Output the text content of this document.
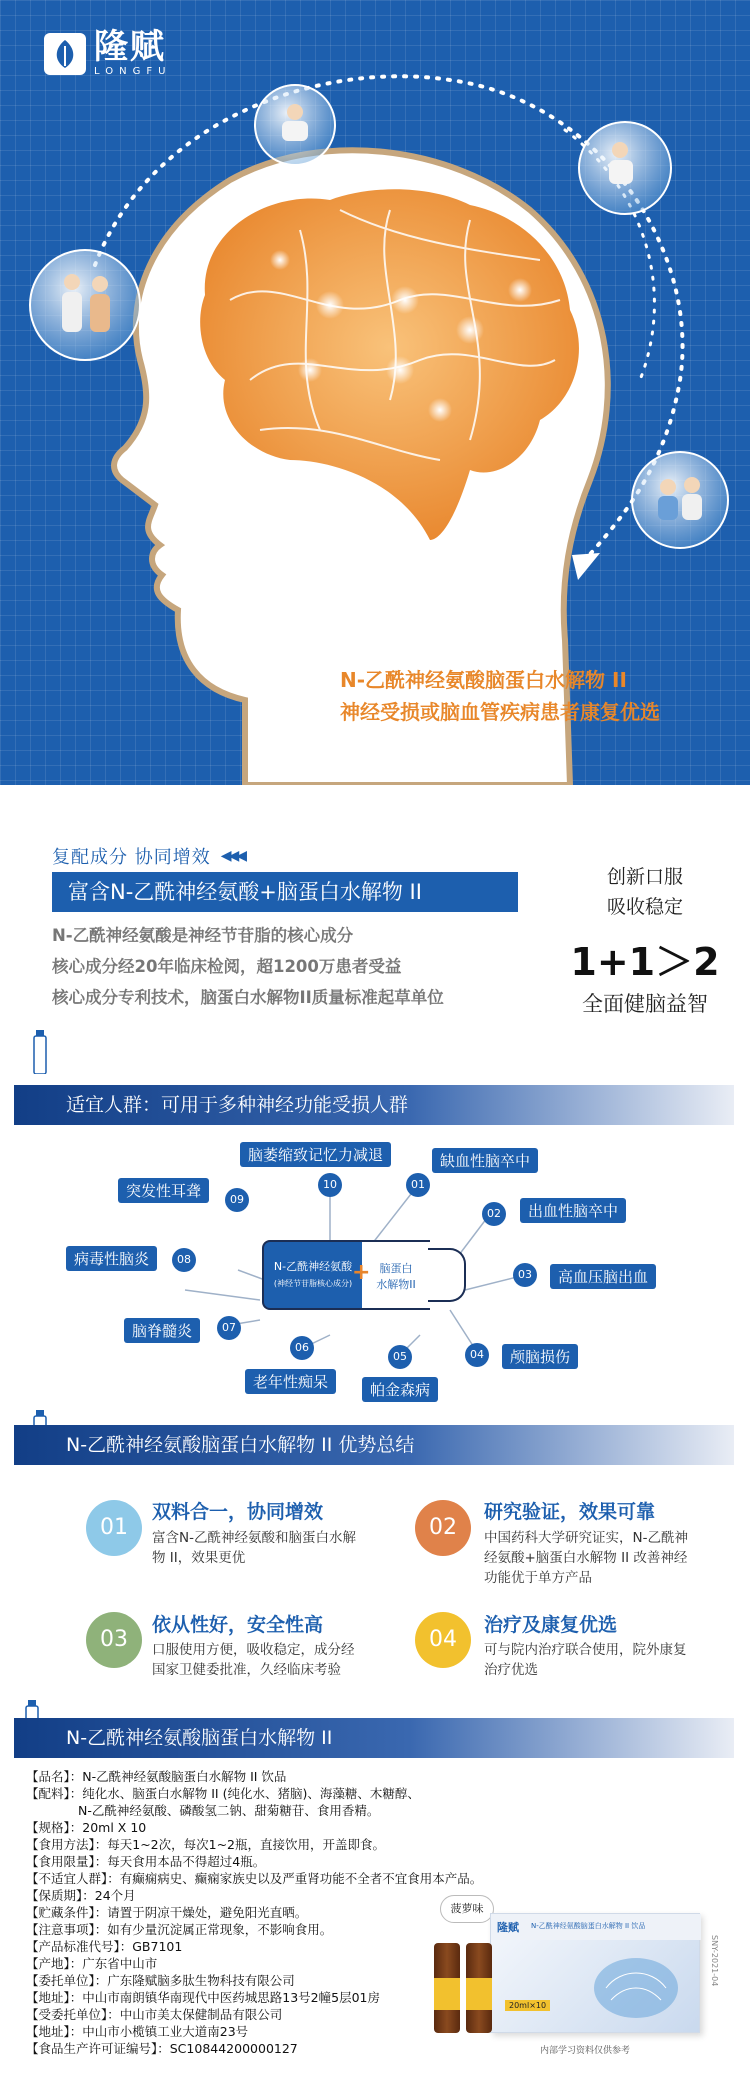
隆赋
LONGFU
N-乙酰神经氨酸脑蛋白水解物 II
神经受损或脑血管疾病患者康复优选
复配成分 协同增效 ◀◀◀
富含N-乙酰神经氨酸+脑蛋白水解物 II
N-乙酰神经氨酸是神经节苷脂的核心成分
核心成分经20年临床检阅，超1200万患者受益
核心成分专利技术，脑蛋白水解物II质量标准起草单位
创新口服
吸收稳定
1+1＞2
全面健脑益智
适宜人群：可用于多种神经功能受损人群
N-乙酰神经氨酸
(神经节苷脂核心成分)
脑蛋白
水解物II
+
10
脑萎缩致记忆力减退
01
缺血性脑卒中
02	出血性脑卒中
03	高血压脑出血
04	颅脑损伤
05
帕金森病
06
老年性痴呆
07
脑脊髓炎
08
病毒性脑炎
09
突发性耳聋
N-乙酰神经氨酸脑蛋白水解物 II 优势总结
01
双料合一，协同增效
富含N-乙酰神经氨酸和脑蛋白水解物 II，效果更优
02
研究验证，效果可靠
中国药科大学研究证实，N-乙酰神经氨酸+脑蛋白水解物 II 改善神经功能优于单方产品
03
依从性好，安全性高
口服使用方便，吸收稳定，成分经国家卫健委批准，久经临床考验
04
治疗及康复优选
可与院内治疗联合使用，院外康复治疗优选
N-乙酰神经氨酸脑蛋白水解物 II
【品名】：N-乙酰神经氨酸脑蛋白水解物 II 饮品
【配料】：纯化水、脑蛋白水解物 II (纯化水、猪脑)、海藻糖、木糖醇、
N-乙酰神经氨酸、磷酸氢二钠、甜菊糖苷、食用香精。
【规格】：20ml X 10
【食用方法】：每天1~2次，每次1~2瓶，直接饮用，开盖即食。
【食用限量】：每天食用本品不得超过4瓶。
【不适宜人群】：有癫痫病史、癫痫家族史以及严重肾功能不全者不宜食用本产品。
【保质期】：24个月
【贮藏条件】：请置于阴凉干燥处，避免阳光直晒。
【注意事项】：如有少量沉淀属正常现象，不影响食用。
【产品标准代号】：GB7101
【产地】：广东省中山市
【委托单位】：广东隆赋脑多肽生物科技有限公司
【地址】：中山市南朗镇华南现代中医药城思路13号2幢5层01房
【受委托单位】：中山市美太保健制品有限公司
【地址】：中山市小榄镇工业大道南23号
【食品生产许可证编号】：SC10844200000127
菠萝味
隆赋 N-乙酰神经氨酸脑蛋白水解物 II 饮品
20ml×10
内部学习资料仅供参考
SNY-2021-04
